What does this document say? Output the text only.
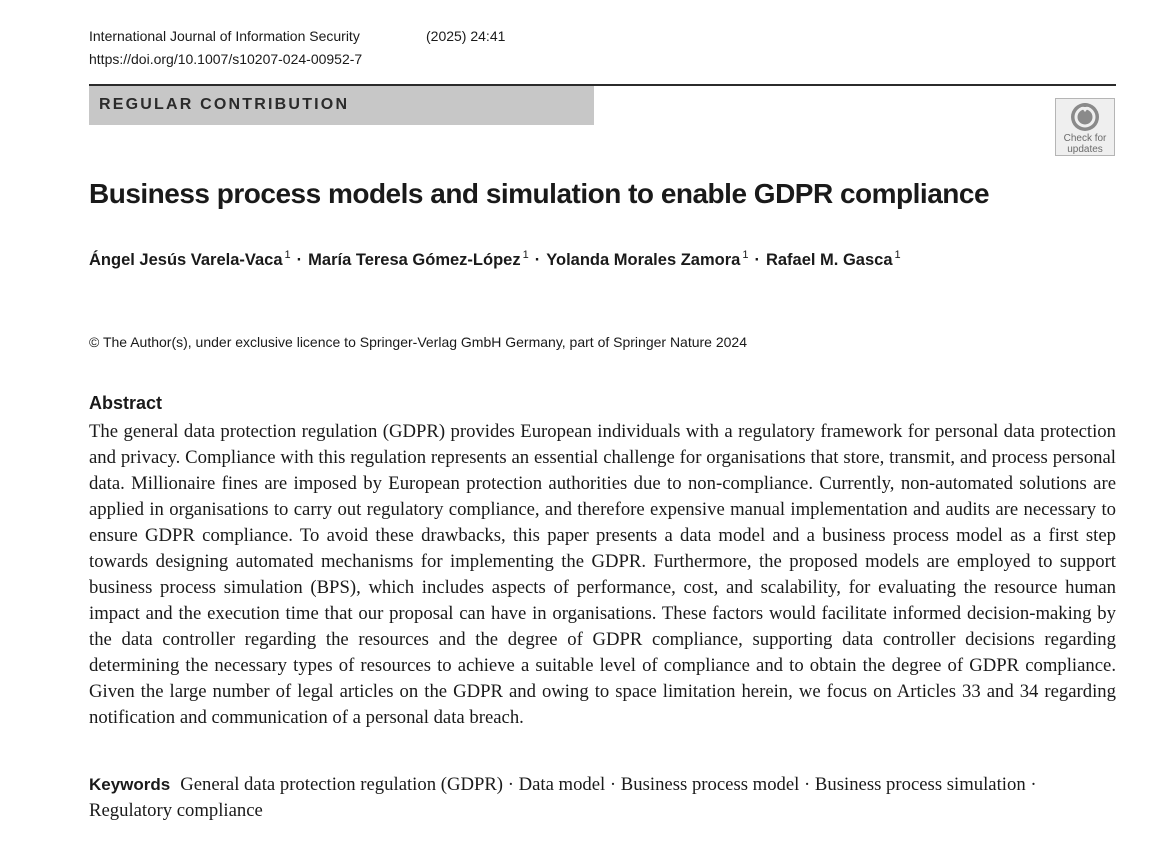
International Journal of Information Security	(2025) 24:41
https://doi.org/10.1007/s10207-024-00952-7
REGULAR CONTRIBUTION
Check for
updates
Business process models and simulation to enable GDPR compliance
Ángel Jesús Varela-Vaca $^1$ · María Teresa Gómez-López $^1$ · Yolanda Morales Zamora $^1$ · Rafael M. Gasca $^1$
© The Author(s), under exclusive licence to Springer-Verlag GmbH Germany, part of Springer Nature 2024
Abstract

The general data protection regulation (GDPR) provides European individuals with a regulatory framework for personal data protection and privacy. Compliance with this regulation represents an essential challenge for organisations that store, transmit, and process personal data. Millionaire fines are imposed by European protection authorities due to non-compliance. Currently, non-automated solutions are applied in organisations to carry out regulatory compliance, and therefore expensive manual implementation and audits are necessary to ensure GDPR compliance. To avoid these drawbacks, this paper presents a data model and a business process model as a first step towards designing automated mechanisms for implementing the GDPR. Furthermore, the proposed models are employed to support business process simulation (BPS), which includes aspects of performance, cost, and scalability, for evaluating the resource human impact and the execution time that our proposal can have in organisations. These factors would facilitate informed decision-making by the data controller regarding the resources and the degree of GDPR compliance, supporting data controller decisions regarding determining the necessary types of resources to achieve a suitable level of compliance and to obtain the degree of GDPR compliance. Given the large number of legal articles on the GDPR and owing to space limitation herein, we focus on Articles 33 and 34 regarding notification and communication of a personal data breach.

Keywords General data protection regulation (GDPR) · Data model · Business process model · Business process simulation · Regulatory compliance
